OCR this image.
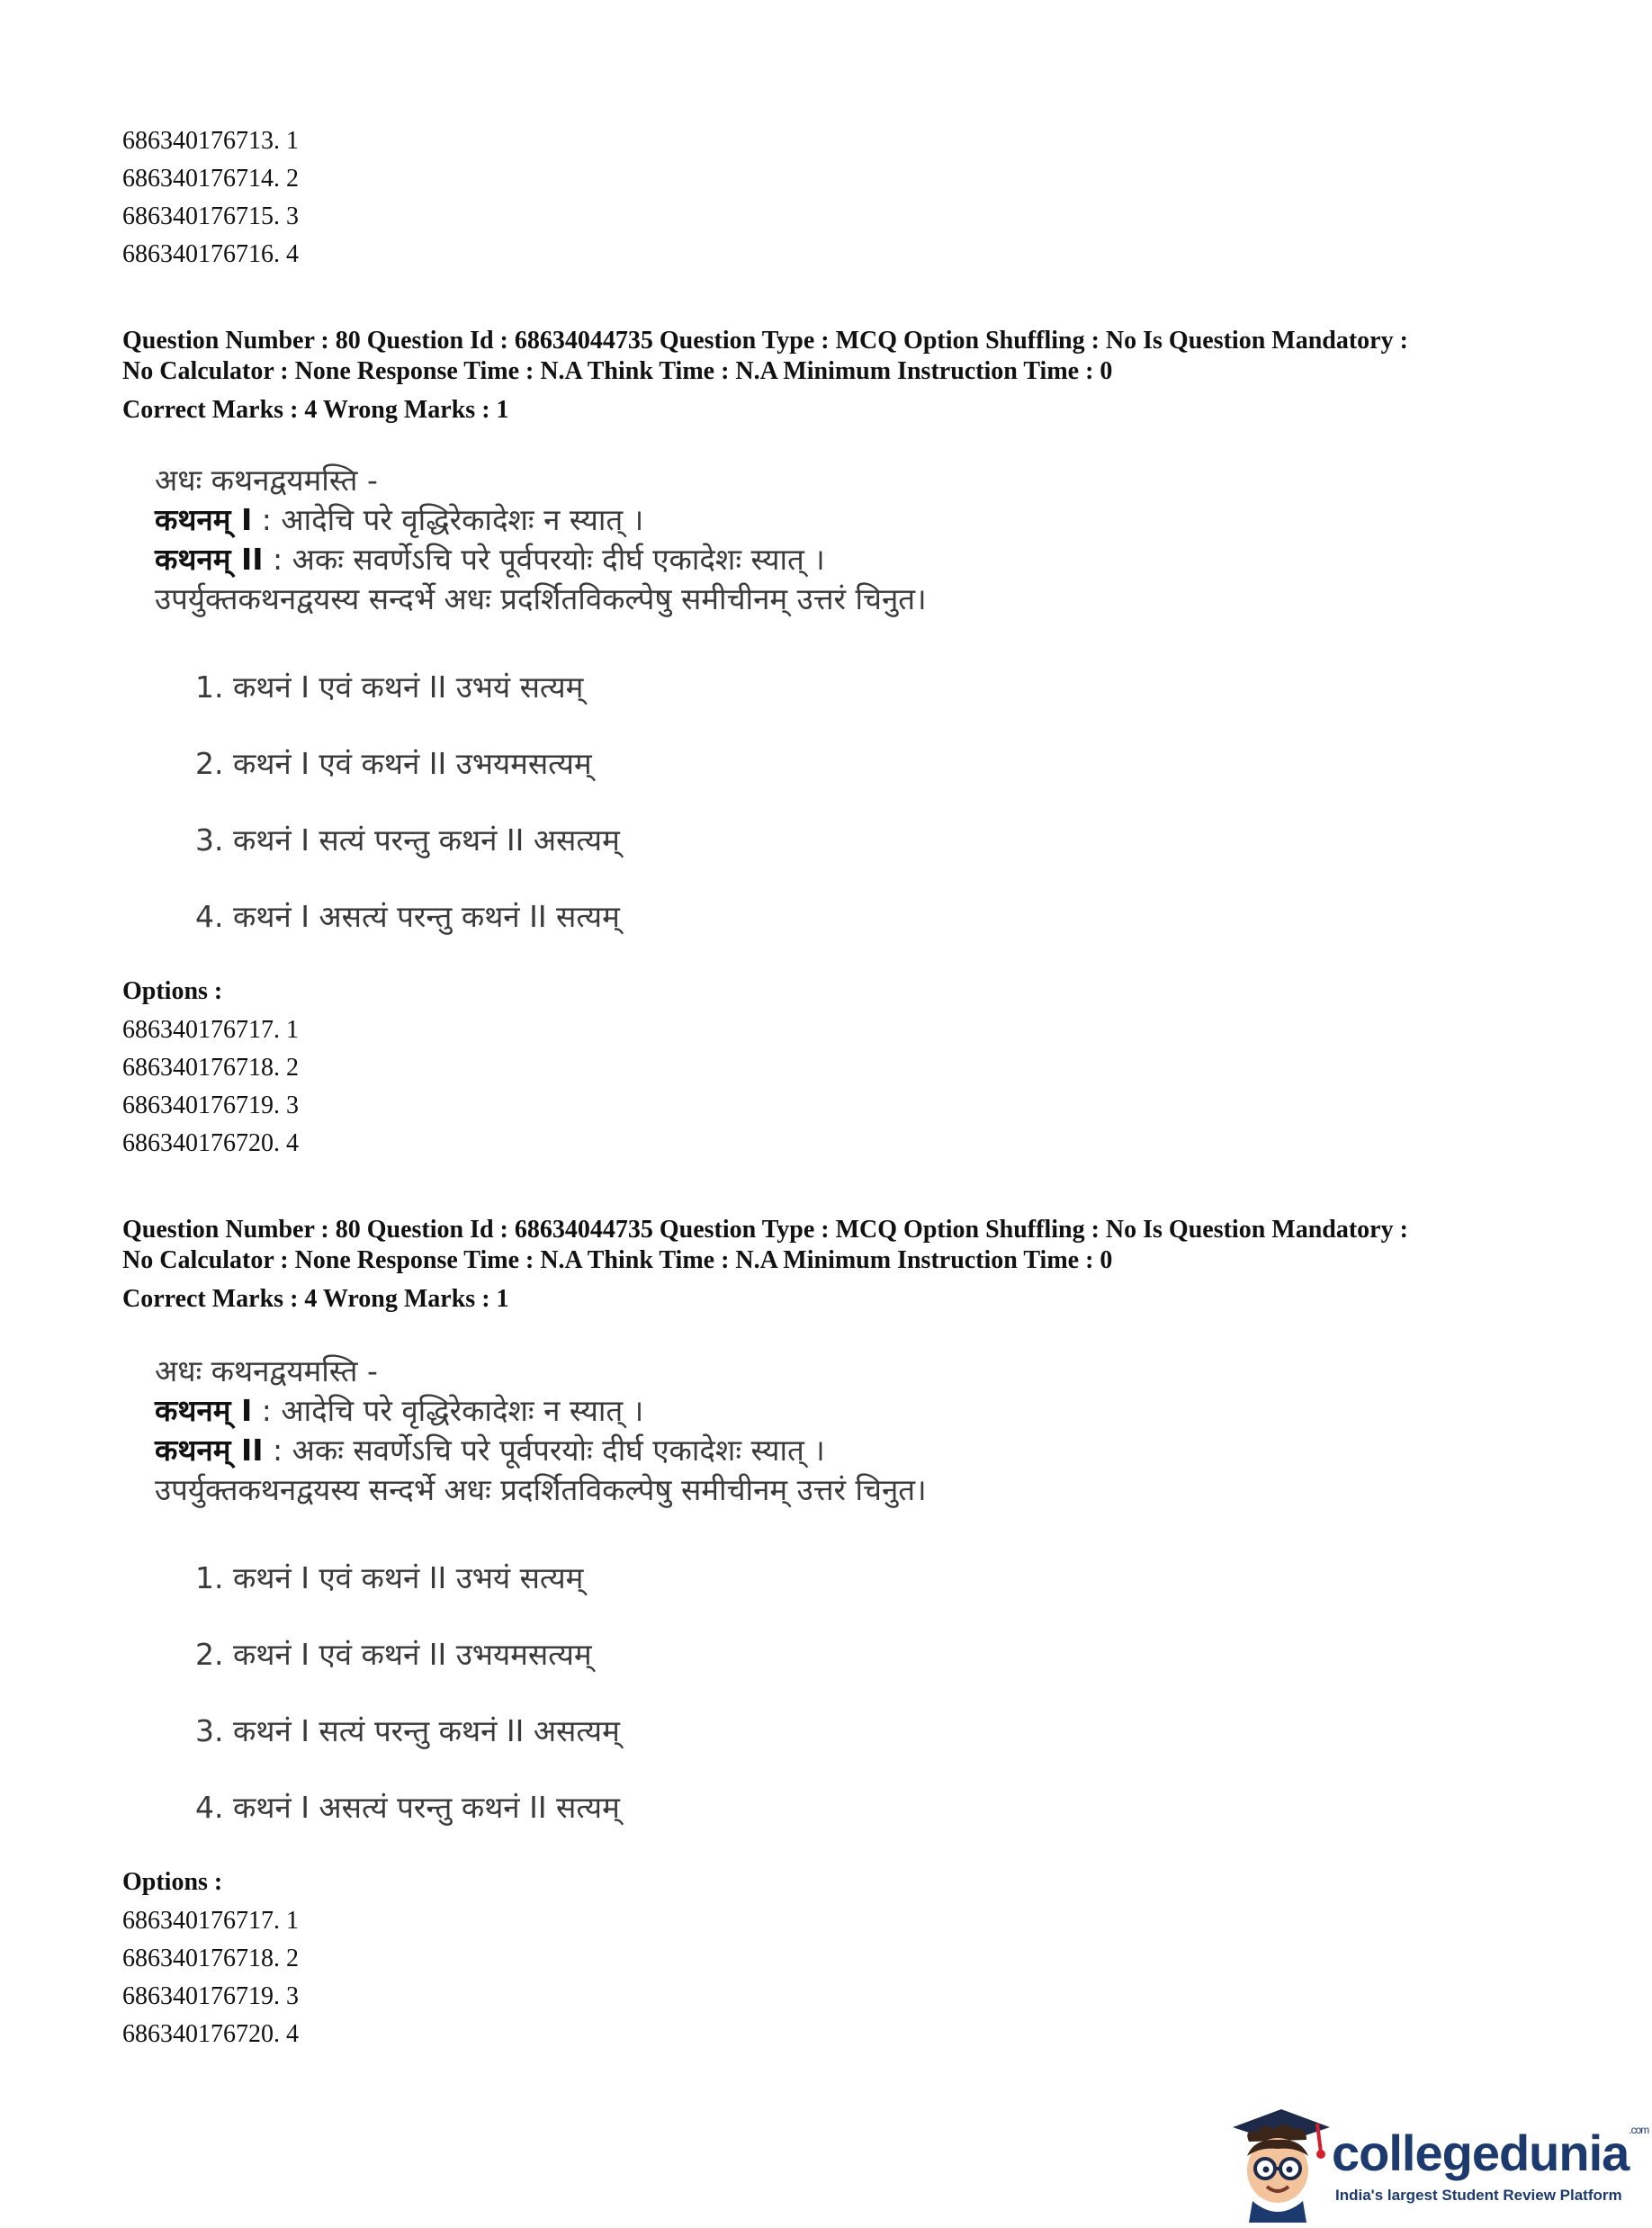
686340176713. 1
686340176714. 2
686340176715. 3
686340176716. 4
Question Number : 80 Question Id : 68634044735 Question Type : MCQ Option Shuffling : No Is Question Mandatory :
No Calculator : None Response Time : N.A Think Time : N.A Minimum Instruction Time : 0
Correct Marks : 4 Wrong Marks : 1
अधः कथनद्वयमस्ति -
कथनम् I : आदेचि परे वृद्धिरेकादेशः न स्यात् ।
कथनम् II : अकः सवर्णेऽचि परे पूर्वपरयोः दीर्घ एकादेशः स्यात् ।
उपर्युक्तकथनद्वयस्य सन्दर्भे अधः प्रदर्शितविकल्पेषु समीचीनम् उत्तरं चिनुत।
1. कथनं I एवं कथनं II उभयं सत्यम्
2. कथनं I एवं कथनं II उभयमसत्यम्
3. कथनं I सत्यं परन्तु कथनं II असत्यम्
4. कथनं I असत्यं परन्तु कथनं II सत्यम्
Options :
686340176717. 1
686340176718. 2
686340176719. 3
686340176720. 4
Question Number : 80 Question Id : 68634044735 Question Type : MCQ Option Shuffling : No Is Question Mandatory :
No Calculator : None Response Time : N.A Think Time : N.A Minimum Instruction Time : 0
Correct Marks : 4 Wrong Marks : 1
अधः कथनद्वयमस्ति -
कथनम् I : आदेचि परे वृद्धिरेकादेशः न स्यात् ।
कथनम् II : अकः सवर्णेऽचि परे पूर्वपरयोः दीर्घ एकादेशः स्यात् ।
उपर्युक्तकथनद्वयस्य सन्दर्भे अधः प्रदर्शितविकल्पेषु समीचीनम् उत्तरं चिनुत।
1. कथनं I एवं कथनं II उभयं सत्यम्
2. कथनं I एवं कथनं II उभयमसत्यम्
3. कथनं I सत्यं परन्तु कथनं II असत्यम्
4. कथनं I असत्यं परन्तु कथनं II सत्यम्
Options :
686340176717. 1
686340176718. 2
686340176719. 3
686340176720. 4
collegedunia$^{.com}$
India's largest Student Review Platform
